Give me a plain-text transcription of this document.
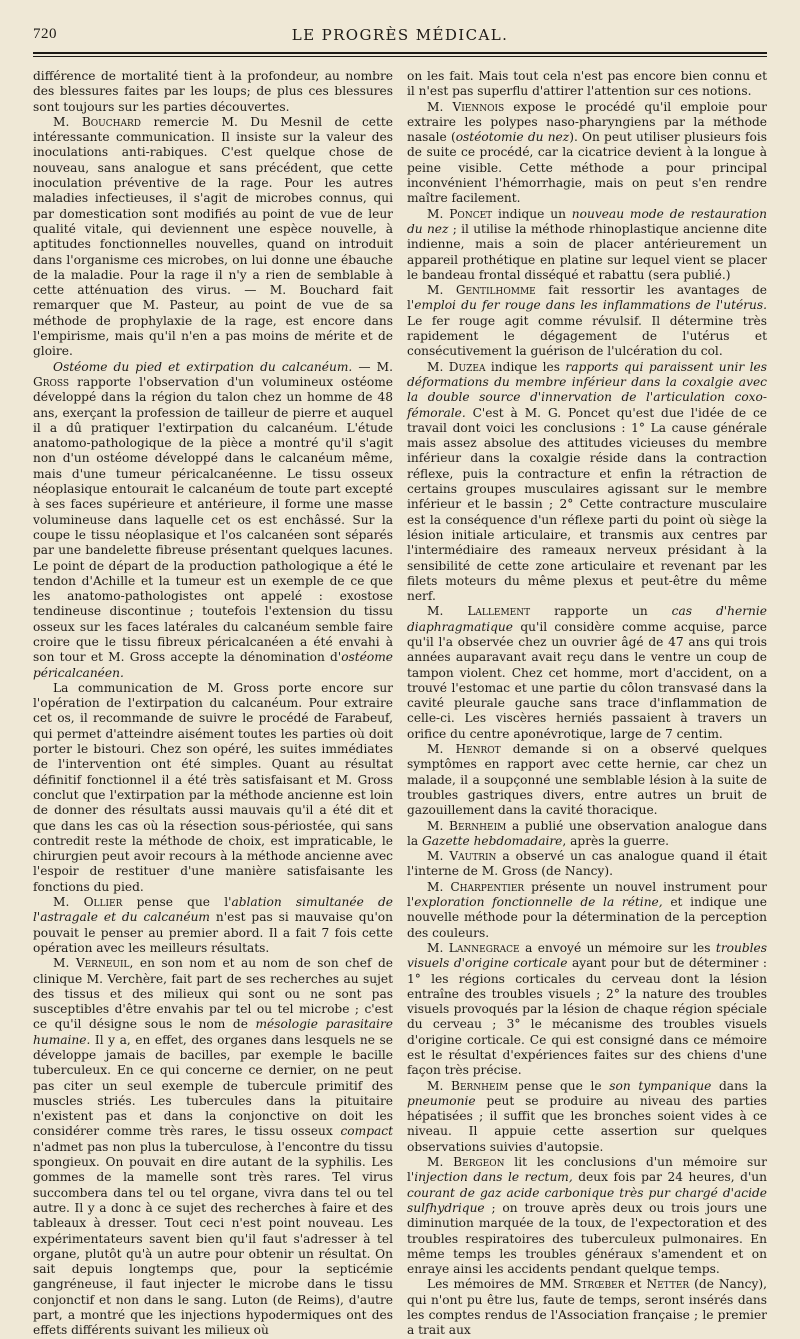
720	LE PROGRÈS MÉDICAL.

différence de mortalité tient à la profondeur, au nombre des blessures faites par les loups; de plus ces blessures sont toujours sur les parties découvertes.

M. Bouchard remercie M. Du Mesnil de cette intéressante communication. Il insiste sur la valeur des inoculations anti-rabiques. C'est quelque chose de nouveau, sans analogue et sans précédent, que cette inoculation préventive de la rage. Pour les autres maladies infectieuses, il s'agit de microbes connus, qui par domestication sont modifiés au point de vue de leur qualité vitale, qui deviennent une espèce nouvelle, à aptitudes fonctionnelles nouvelles, quand on introduit dans l'organisme ces microbes, on lui donne une ébauche de la maladie. Pour la rage il n'y a rien de semblable à cette atténuation des virus. — M. Bouchard fait remarquer que M. Pasteur, au point de vue de sa méthode de prophylaxie de la rage, est encore dans l'empirisme, mais qu'il n'en a pas moins de mérite et de gloire.

Ostéome du pied et extirpation du calcanéum. — M. Gross rapporte l'observation d'un volumineux ostéome développé dans la région du talon chez un homme de 48 ans, exerçant la profession de tailleur de pierre et auquel il a dû pratiquer l'extirpation du calcanéum. L'étude anatomo-pathologique de la pièce a montré qu'il s'agit non d'un ostéome développé dans le calcanéum même, mais d'une tumeur péricalcanéenne. Le tissu osseux néoplasique entourait le calcanéum de toute part excepté à ses faces supérieure et antérieure, il forme une masse volumineuse dans laquelle cet os est enchâssé. Sur la coupe le tissu néoplasique et l'os calcanéen sont séparés par une bandelette fibreuse présentant quelques lacunes. Le point de départ de la production pathologique a été le tendon d'Achille et la tumeur est un exemple de ce que les anatomo-pathologistes ont appelé : exostose tendineuse discontinue ; toutefois l'extension du tissu osseux sur les faces latérales du calcanéum semble faire croire que le tissu fibreux péricalcanéen a été envahi à son tour et M. Gross accepte la dénomination d'ostéome péricalcanéen.

La communication de M. Gross porte encore sur l'opération de l'extirpation du calcanéum. Pour extraire cet os, il recommande de suivre le procédé de Farabeuf, qui permet d'atteindre aisément toutes les parties où doit porter le bistouri. Chez son opéré, les suites immédiates de l'intervention ont été simples. Quant au résultat définitif fonctionnel il a été très satisfaisant et M. Gross conclut que l'extirpation par la méthode ancienne est loin de donner des résultats aussi mauvais qu'il a été dit et que dans les cas où la résection sous-périostée, qui sans contredit reste la méthode de choix, est impraticable, le chirurgien peut avoir recours à la méthode ancienne avec l'espoir de restituer d'une manière satisfaisante les fonctions du pied.

M. Ollier pense que l'ablation simultanée de l'astragale et du calcanéum n'est pas si mauvaise qu'on pouvait le penser au premier abord. Il a fait 7 fois cette opération avec les meilleurs résultats.

M. Verneuil, en son nom et au nom de son chef de clinique M. Verchère, fait part de ses recherches au sujet des tissus et des milieux qui sont ou ne sont pas susceptibles d'être envahis par tel ou tel microbe ; c'est ce qu'il désigne sous le nom de mésologie parasitaire humaine. Il y a, en effet, des organes dans lesquels ne se développe jamais de bacilles, par exemple le bacille tuberculeux. En ce qui concerne ce dernier, on ne peut pas citer un seul exemple de tubercule primitif des muscles striés. Les tubercules dans la pituitaire n'existent pas et dans la conjonctive on doit les considérer comme très rares, le tissu osseux compact n'admet pas non plus la tuberculose, à l'encontre du tissu spongieux. On pouvait en dire autant de la syphilis. Les gommes de la mamelle sont très rares. Tel virus succombera dans tel ou tel organe, vivra dans tel ou tel autre. Il y a donc à ce sujet des recherches à faire et des tableaux à dresser. Tout ceci n'est point nouveau. Les expérimentateurs savent bien qu'il faut s'adresser à tel organe, plutôt qu'à un autre pour obtenir un résultat. On sait depuis longtemps que, pour la septicémie gangréneuse, il faut injecter le microbe dans le tissu conjonctif et non dans le sang. Luton (de Reims), d'autre part, a montré que les injections hypodermiques ont des effets différents suivant les milieux où

on les fait. Mais tout cela n'est pas encore bien connu et il n'est pas superflu d'attirer l'attention sur ces notions.

M. Viennois expose le procédé qu'il emploie pour extraire les polypes naso-pharyngiens par la méthode nasale (ostéotomie du nez). On peut utiliser plusieurs fois de suite ce procédé, car la cicatrice devient à la longue à peine visible. Cette méthode a pour principal inconvénient l'hémorrhagie, mais on peut s'en rendre maître facilement.

M. Poncet indique un nouveau mode de restauration du nez ; il utilise la méthode rhinoplastique ancienne dite indienne, mais a soin de placer antérieurement un appareil prothétique en platine sur lequel vient se placer le bandeau frontal disséqué et rabattu (sera publié.)

M. Gentilhomme fait ressortir les avantages de l'emploi du fer rouge dans les inflammations de l'utérus. Le fer rouge agit comme révulsif. Il détermine très rapidement le dégagement de l'utérus et consécutivement la guérison de l'ulcération du col.

M. Duzea indique les rapports qui paraissent unir les déformations du membre inférieur dans la coxalgie avec la double source d'innervation de l'articulation coxo-fémorale. C'est à M. G. Poncet qu'est due l'idée de ce travail dont voici les conclusions : 1° La cause générale mais assez absolue des attitudes vicieuses du membre inférieur dans la coxalgie réside dans la contraction réflexe, puis la contracture et enfin la rétraction de certains groupes musculaires agissant sur le membre inférieur et le bassin ; 2° Cette contracture musculaire est la conséquence d'un réflexe parti du point où siège la lésion initiale articulaire, et transmis aux centres par l'intermédiaire des rameaux nerveux présidant à la sensibilité de cette zone articulaire et revenant par les filets moteurs du même plexus et peut-être du même nerf.

M. Lallement rapporte un cas d'hernie diaphragmatique qu'il considère comme acquise, parce qu'il l'a observée chez un ouvrier âgé de 47 ans qui trois années auparavant avait reçu dans le ventre un coup de tampon violent. Chez cet homme, mort d'accident, on a trouvé l'estomac et une partie du côlon transvasé dans la cavité pleurale gauche sans trace d'inflammation de celle-ci. Les viscères herniés passaient à travers un orifice du centre aponévrotique, large de 7 centim.

M. Henrot demande si on a observé quelques symptômes en rapport avec cette hernie, car chez un malade, il a soupçonné une semblable lésion à la suite de troubles gastriques divers, entre autres un bruit de gazouillement dans la cavité thoracique.

M. Bernheim a publié une observation analogue dans la Gazette hebdomadaire, après la guerre.

M. Vautrin a observé un cas analogue quand il était l'interne de M. Gross (de Nancy).

M. Charpentier présente un nouvel instrument pour l'exploration fonctionnelle de la rétine, et indique une nouvelle méthode pour la détermination de la perception des couleurs.

M. Lannegrace a envoyé un mémoire sur les troubles visuels d'origine corticale ayant pour but de déterminer : 1° les régions corticales du cerveau dont la lésion entraîne des troubles visuels ; 2° la nature des troubles visuels provoqués par la lésion de chaque région spéciale du cerveau ; 3° le mécanisme des troubles visuels d'origine corticale. Ce qui est consigné dans ce mémoire est le résultat d'expériences faites sur des chiens d'une façon très précise.

M. Bernheim pense que le son tympanique dans la pneumonie peut se produire au niveau des parties hépatisées ; il suffit que les bronches soient vides à ce niveau. Il appuie cette assertion sur quelques observations suivies d'autopsie.

M. Bergeon lit les conclusions d'un mémoire sur l'injection dans le rectum, deux fois par 24 heures, d'un courant de gaz acide carbonique très pur chargé d'acide sulfhydrique ; on trouve après deux ou trois jours une diminution marquée de la toux, de l'expectoration et des troubles respiratoires des tuberculeux pulmonaires. En même temps les troubles généraux s'amendent et on enraye ainsi les accidents pendant quelque temps.

Les mémoires de MM. Strœber et Netter (de Nancy), qui n'ont pu être lus, faute de temps, seront insérés dans les comptes rendus de l'Association française ; le premier a trait aux
